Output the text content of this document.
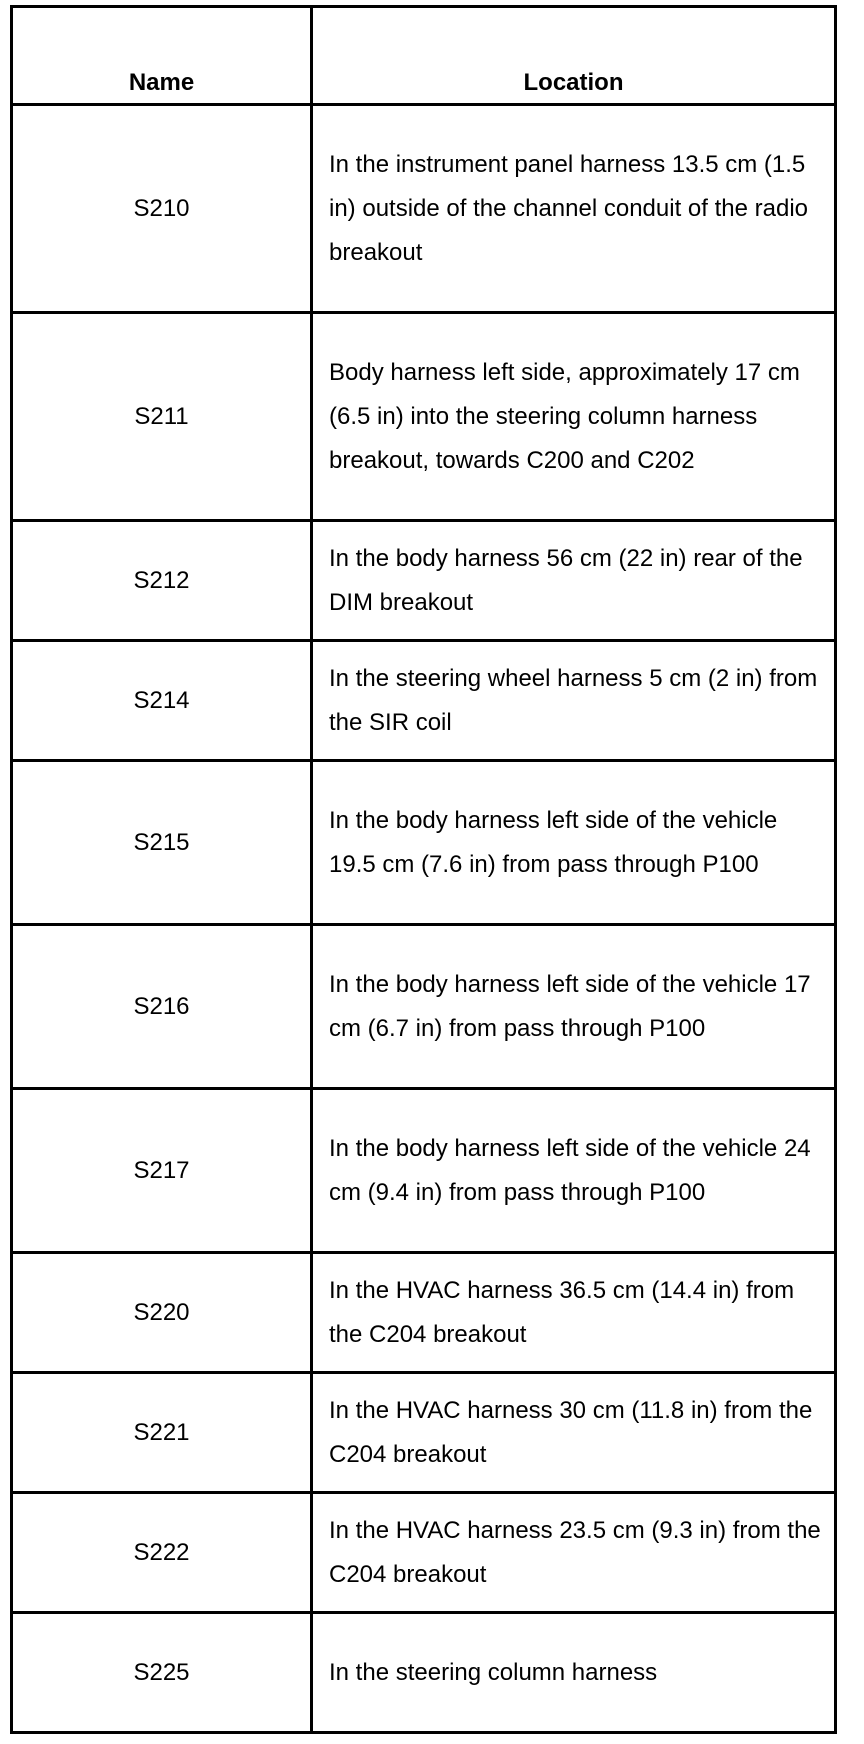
Name	Location
S210	In the instrument panel harness 13.5 cm (1.5 in) outside of the channel conduit of the radio breakout
S211	Body harness left side, approximately 17 cm (6.5 in) into the steering column harness breakout, towards C200 and C202
S212	In the body harness 56 cm (22 in) rear of the DIM breakout
S214	In the steering wheel harness 5 cm (2 in) from the SIR coil
S215	In the body harness left side of the vehicle 19.5 cm (7.6 in) from pass through P100
S216	In the body harness left side of the vehicle 17 cm (6.7 in) from pass through P100
S217	In the body harness left side of the vehicle 24 cm (9.4 in) from pass through P100
S220	In the HVAC harness 36.5 cm (14.4 in) from the C204 breakout
S221	In the HVAC harness 30 cm (11.8 in) from the C204 breakout
S222	In the HVAC harness 23.5 cm (9.3 in) from the C204 breakout
S225	In the steering column harness
